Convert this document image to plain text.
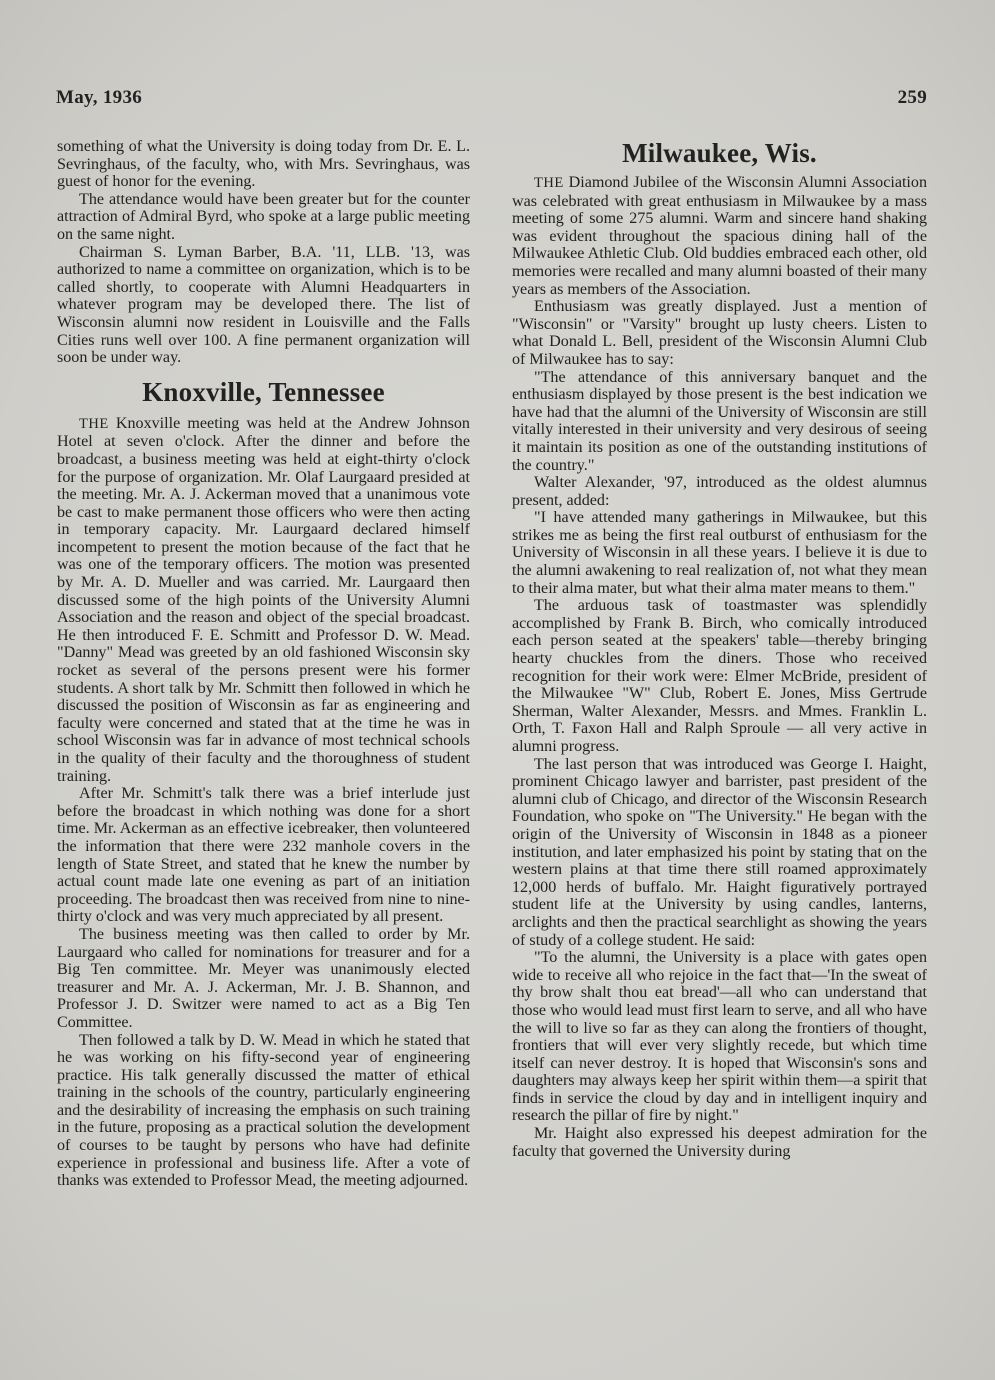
May, 1936	259

something of what the University is doing today from Dr. E. L. Sevringhaus, of the faculty, who, with Mrs. Sevringhaus, was guest of honor for the evening.

The attendance would have been greater but for the counter attraction of Admiral Byrd, who spoke at a large public meeting on the same night.

Chairman S. Lyman Barber, B.A. '11, LLB. '13, was authorized to name a committee on organization, which is to be called shortly, to cooperate with Alumni Headquarters in whatever program may be developed there. The list of Wisconsin alumni now resident in Louisville and the Falls Cities runs well over 100. A fine permanent organization will soon be under way.

Knoxville, Tennessee

THE Knoxville meeting was held at the Andrew Johnson Hotel at seven o'clock. After the dinner and before the broadcast, a business meeting was held at eight-thirty o'clock for the purpose of organization. Mr. Olaf Laurgaard presided at the meeting. Mr. A. J. Ackerman moved that a unanimous vote be cast to make permanent those officers who were then acting in temporary capacity. Mr. Laurgaard declared himself incompetent to present the motion because of the fact that he was one of the temporary officers. The motion was presented by Mr. A. D. Mueller and was carried. Mr. Laurgaard then discussed some of the high points of the University Alumni Association and the reason and object of the special broadcast. He then introduced F. E. Schmitt and Professor D. W. Mead. "Danny" Mead was greeted by an old fashioned Wisconsin sky rocket as several of the persons present were his former students. A short talk by Mr. Schmitt then followed in which he discussed the position of Wisconsin as far as engineering and faculty were concerned and stated that at the time he was in school Wisconsin was far in advance of most technical schools in the quality of their faculty and the thoroughness of student training.

After Mr. Schmitt's talk there was a brief interlude just before the broadcast in which nothing was done for a short time. Mr. Ackerman as an effective icebreaker, then volunteered the information that there were 232 manhole covers in the length of State Street, and stated that he knew the number by actual count made late one evening as part of an initiation proceeding. The broadcast then was received from nine to nine-thirty o'clock and was very much appreciated by all present.

The business meeting was then called to order by Mr. Laurgaard who called for nominations for treasurer and for a Big Ten committee. Mr. Meyer was unanimously elected treasurer and Mr. A. J. Ackerman, Mr. J. B. Shannon, and Professor J. D. Switzer were named to act as a Big Ten Committee.

Then followed a talk by D. W. Mead in which he stated that he was working on his fifty-second year of engineering practice. His talk generally discussed the matter of ethical training in the schools of the country, particularly engineering and the desirability of increasing the emphasis on such training in the future, proposing as a practical solution the development of courses to be taught by persons who have had definite experience in professional and business life. After a vote of thanks was extended to Professor Mead, the meeting adjourned.

Milwaukee, Wis.

THE Diamond Jubilee of the Wisconsin Alumni Association was celebrated with great enthusiasm in Milwaukee by a mass meeting of some 275 alumni. Warm and sincere hand shaking was evident throughout the spacious dining hall of the Milwaukee Athletic Club. Old buddies embraced each other, old memories were recalled and many alumni boasted of their many years as members of the Association.

Enthusiasm was greatly displayed. Just a mention of "Wisconsin" or "Varsity" brought up lusty cheers. Listen to what Donald L. Bell, president of the Wisconsin Alumni Club of Milwaukee has to say:

"The attendance of this anniversary banquet and the enthusiasm displayed by those present is the best indication we have had that the alumni of the University of Wisconsin are still vitally interested in their university and very desirous of seeing it maintain its position as one of the outstanding institutions of the country."

Walter Alexander, '97, introduced as the oldest alumnus present, added:

"I have attended many gatherings in Milwaukee, but this strikes me as being the first real outburst of enthusiasm for the University of Wisconsin in all these years. I believe it is due to the alumni awakening to real realization of, not what they mean to their alma mater, but what their alma mater means to them."

The arduous task of toastmaster was splendidly accomplished by Frank B. Birch, who comically introduced each person seated at the speakers' table—thereby bringing hearty chuckles from the diners. Those who received recognition for their work were: Elmer McBride, president of the Milwaukee "W" Club, Robert E. Jones, Miss Gertrude Sherman, Walter Alexander, Messrs. and Mmes. Franklin L. Orth, T. Faxon Hall and Ralph Sproule — all very active in alumni progress.

The last person that was introduced was George I. Haight, prominent Chicago lawyer and barrister, past president of the alumni club of Chicago, and director of the Wisconsin Research Foundation, who spoke on "The University." He began with the origin of the University of Wisconsin in 1848 as a pioneer institution, and later emphasized his point by stating that on the western plains at that time there still roamed approximately 12,000 herds of buffalo. Mr. Haight figuratively portrayed student life at the University by using candles, lanterns, arclights and then the practical searchlight as showing the years of study of a college student. He said:

"To the alumni, the University is a place with gates open wide to receive all who rejoice in the fact that—'In the sweat of thy brow shalt thou eat bread'—all who can understand that those who would lead must first learn to serve, and all who have the will to live so far as they can along the frontiers of thought, frontiers that will ever very slightly recede, but which time itself can never destroy. It is hoped that Wisconsin's sons and daughters may always keep her spirit within them—a spirit that finds in service the cloud by day and in intelligent inquiry and research the pillar of fire by night."

Mr. Haight also expressed his deepest admiration for the faculty that governed the University during
